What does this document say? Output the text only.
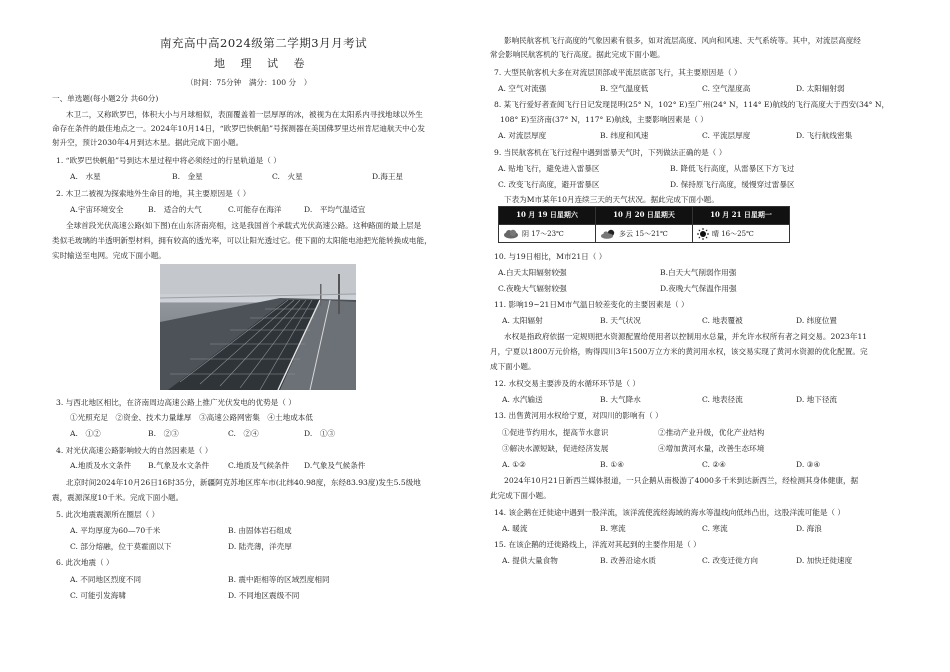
南充高中高2024级第二学期3月月考试
地 理 试 卷
（时间：75分钟　满分：100 分　）
一、单选题(每小题2分 共60分)
木卫二，又称欧罗巴，体积大小与月球相似，表面覆盖着一层厚厚的冰，被视为在太阳系内寻找地球以外生
命存在条件的最佳地点之一。2024年10月14日，“欧罗巴快帆船”号探测器在美国佛罗里达州肯尼迪航天中心发
射升空，预计2030年4月到达木星。据此完成下面小题。
1. “欧罗巴快帆船”号到达木星过程中将必须经过的行星轨道是（ ）
A.　水星	B.　金星	C.　火星	D.海王星
2. 木卫二被视为探索地外生命目的地，其主要原因是（ ）
A.宇宙环境安全	B.　适合的大气	C.可能存在海洋	D.　平均气温适宜
全球首段光伏高速公路(如下图)在山东济南亮相，这是我国首个承载式光伏高速公路。这种路面的最上层是
类似毛玻璃的半透明新型材料，拥有较高的透光率，可以让阳光透过它。使下面的太阳能电池把光能转换成电能，
实时输送至电网。完成下面小题。
3. 与西北地区相比，在济南周边高速公路上推广光伏发电的优势是（ ）
①光照充足　②资金、技术力量雄厚　③高速公路网密集　④土地成本低
A.　①②	B.　②③	C.　②④	D.　①③
4. 对光伏高速公路影响较大的自然因素是（ ）
A.地质及水文条件 B.气象及水文条件 C.地质及气候条件 D.气象及气候条件
北京时间2024年10月26日16时35分，新疆阿克苏地区库车市(北纬40.98度，东经83.93度)发生5.5级地
震，震源深度10千米。完成下面小题。
5. 此次地震震源所在圈层（ ）
A. 平均厚度为60—70千米	B. 由固体岩石组成
C. 部分熔融，位于莫霍面以下	D. 陆壳薄，洋壳厚
6. 此次地震（ ）
A. 不同地区烈度不同	B. 震中距相等的区域烈度相同
C. 可能引发海啸	D. 不同地区震级不同
影响民航客机飞行高度的气象因素有很多，如对流层高度、风向和风速、天气系统等。其中，对流层高度经
常会影响民航客机的飞行高度。据此完成下面小题。
7. 大型民航客机大多在对流层顶部或平流层底部飞行，其主要原因是（ ）
A. 空气对流强	B. 空气温度低	C. 空气湿度高	D. 太阳辐射弱
8. 某飞行爱好者查阅飞行日记发现昆明(25° N，102° E)至广州(24° N，114° E)航线的飞行高度大于西安(34° N，
108° E)至济南(37° N，117° E)航线，主要影响因素是（ ）
A. 对流层厚度	B. 纬度和风速	C. 平流层厚度	D. 飞行航线密集
9. 当民航客机在飞行过程中遇到雷暴天气时，下列做法正确的是（ ）
A. 贴地飞行，避免进入雷暴区	B. 降低飞行高度，从雷暴区下方飞过
C. 改变飞行高度，避开雷暴区	D. 保持原飞行高度，缓慢穿过雷暴区
下表为M市某年10月连续三天的天气状况。据此完成下面小题。
10 月 19 日星期六	10 月 20 日星期天	10 月 21 日星期一
阴 17～23℃	多云 15～21℃	晴 16～25℃
10. 与19日相比，M市21日（ ）
A.白天太阳辐射较强	B.白天大气削弱作用强
C.夜晚大气辐射较强	D.夜晚大气保温作用强
11. 影响19~21日M市气温日较差变化的主要因素是（ ）
A. 太阳辐射	B. 天气状况	C. 地表覆被	D. 纬度位置
水权是指政府依据一定规则把水资源配置给使用者以控制用水总量，并允许水权所有者之间交易。2023年11
月，宁夏以1800万元价格，购得四川3年1500万立方米的黄河用水权，该交易实现了黄河水资源的优化配置。完
成下面小题。
12. 水权交易主要涉及的水循环环节是（ ）
A. 水汽输送	B. 大气降水	C. 地表径流	D. 地下径流
13. 出售黄河用水权给宁夏，对四川的影响有（ ）
①促进节约用水，提高节水意识	②推动产业升级，优化产业结构
③解决水源短缺，促进经济发展	④增加黄河水量，改善生态环境
A. ①②	B. ①④	C. ②④	D. ③④
2024年10月21日新西兰媒体报道，一只企鹅从南极游了4000多千米到达新西兰，经检测其身体健康，据
此完成下面小题。
14. 该企鹅在迁徙途中遇到一股洋流，该洋流使流经海域的海水等温线向低纬凸出，这股洋流可能是（ ）
A. 暖流	B. 寒流	C. 寒流	D. 海浪
15. 在该企鹅的迁徙路线上，洋流对其起到的主要作用是（ ）
A. 提供大量食物	B. 改善沿途水质	C. 改变迁徙方向	D. 加快迁徙速度
